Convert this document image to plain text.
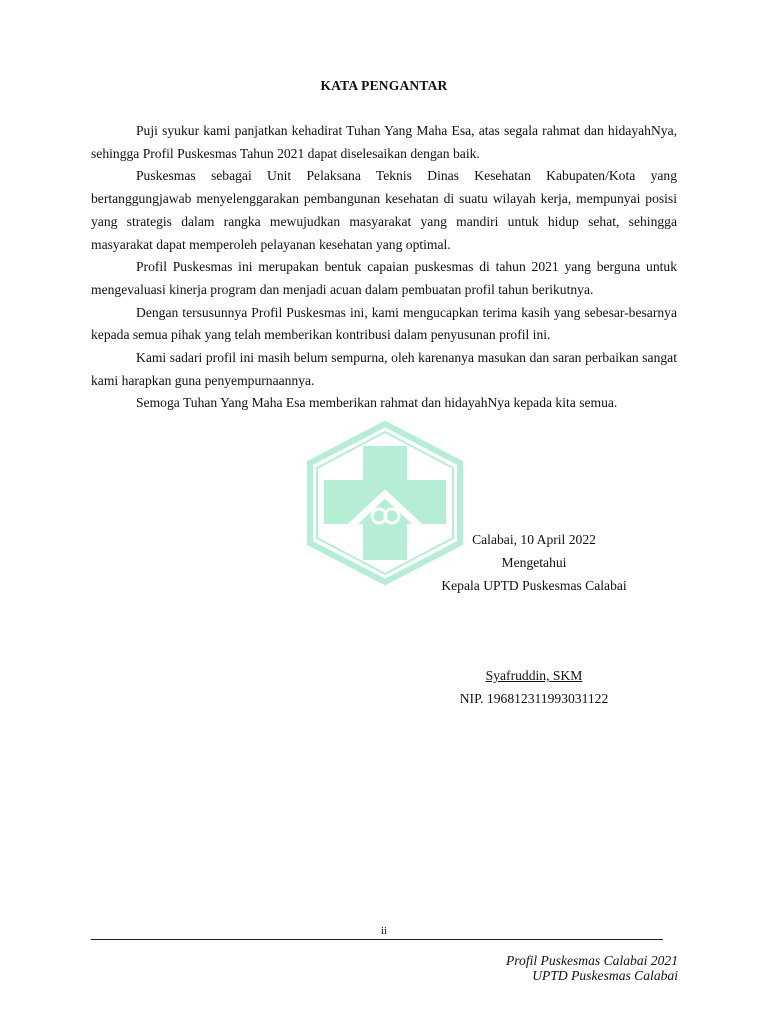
KATA PENGANTAR

Puji syukur kami panjatkan kehadirat Tuhan Yang Maha Esa, atas segala rahmat dan hidayahNya, sehingga Profil Puskesmas Tahun 2021 dapat diselesaikan dengan baik.

Puskesmas sebagai Unit Pelaksana Teknis Dinas Kesehatan Kabupaten/Kota yang bertanggungjawab menyelenggarakan pembangunan kesehatan di suatu wilayah kerja, mempunyai posisi yang strategis dalam rangka mewujudkan masyarakat yang mandiri untuk hidup sehat, sehingga masyarakat dapat memperoleh pelayanan kesehatan yang optimal.

Profil Puskesmas ini merupakan bentuk capaian puskesmas di tahun 2021 yang berguna untuk mengevaluasi kinerja program dan menjadi acuan dalam pembuatan profil tahun berikutnya.

Dengan tersusunnya Profil Puskesmas ini, kami mengucapkan terima kasih yang sebesar-besarnya kepada semua pihak yang telah memberikan kontribusi dalam penyusunan profil ini.

Kami sadari profil ini masih belum sempurna, oleh karenanya masukan dan saran perbaikan sangat kami harapkan guna penyempurnaannya.

Semoga Tuhan Yang Maha Esa memberikan rahmat dan hidayahNya kepada kita semua.

Calabai, 10 April 2022
Mengetahui
Kepala UPTD Puskesmas Calabai
Syafruddin, SKM
NIP. 196812311993031122
ii
Profil Puskesmas Calabai 2021
UPTD Puskesmas Calabai
